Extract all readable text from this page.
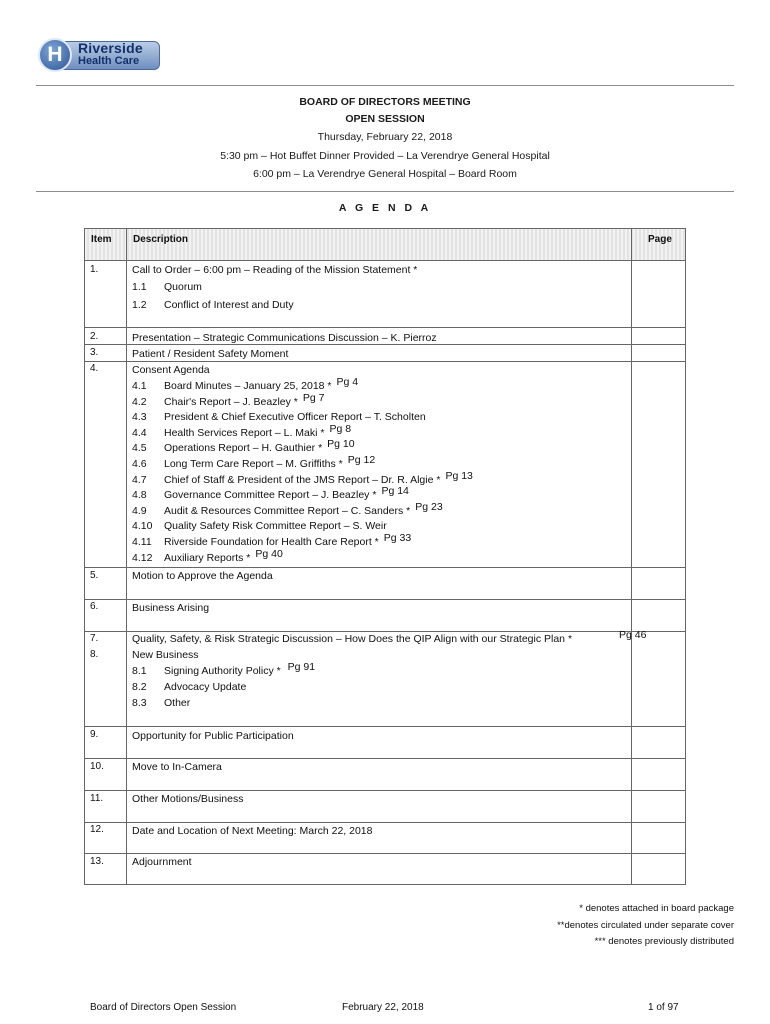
H	Riverside
Health Care
BOARD OF DIRECTORS MEETING
OPEN SESSION
Thursday, February 22, 2018
5:30 pm – Hot Buffet Dinner Provided – La Verendrye General Hospital
6:00 pm – La Verendrye General Hospital – Board Room
A G E N D A
Item Description	Page
1.	Call to Order – 6:00 pm – Reading of the Mission Statement *
1.1 Quorum
1.2 Conflict of Interest and Duty
2.	Presentation – Strategic Communications Discussion – K. Pierroz
3.	Patient / Resident Safety Moment
4.	Consent Agenda
4.1 Board Minutes – January 25, 2018 * Pg 4
4.2 Chair's Report – J. Beazley * Pg 7
4.3 President & Chief Executive Officer Report – T. Scholten
4.4 Health Services Report – L. Maki * Pg 8
4.5 Operations Report – H. Gauthier * Pg 10
4.6 Long Term Care Report – M. Griffiths * Pg 12
4.7 Chief of Staff & President of the JMS Report – Dr. R. Algie * Pg 13
4.8 Governance Committee Report – J. Beazley * Pg 14
4.9 Audit & Resources Committee Report – C. Sanders * Pg 23
4.10 Quality Safety Risk Committee Report – S. Weir
4.11 Riverside Foundation for Health Care Report * Pg 33
4.12 Auxiliary Reports * Pg 40
5.	Motion to Approve the Agenda
6.	Business Arising
7.	Quality, Safety, & Risk Strategic Discussion – How Does the QIP Align with our Strategic Plan *	Pg 46
8.	New Business
8.1 Signing Authority Policy * Pg 91
8.2 Advocacy Update
8.3 Other
9.	Opportunity for Public Participation
10.	Move to In-Camera
11.	Other Motions/Business
12.	Date and Location of Next Meeting: March 22, 2018
13.	Adjournment
* denotes attached in board package
**denotes circulated under separate cover
*** denotes previously distributed
Board of Directors Open Session	February 22, 2018	1 of 97
